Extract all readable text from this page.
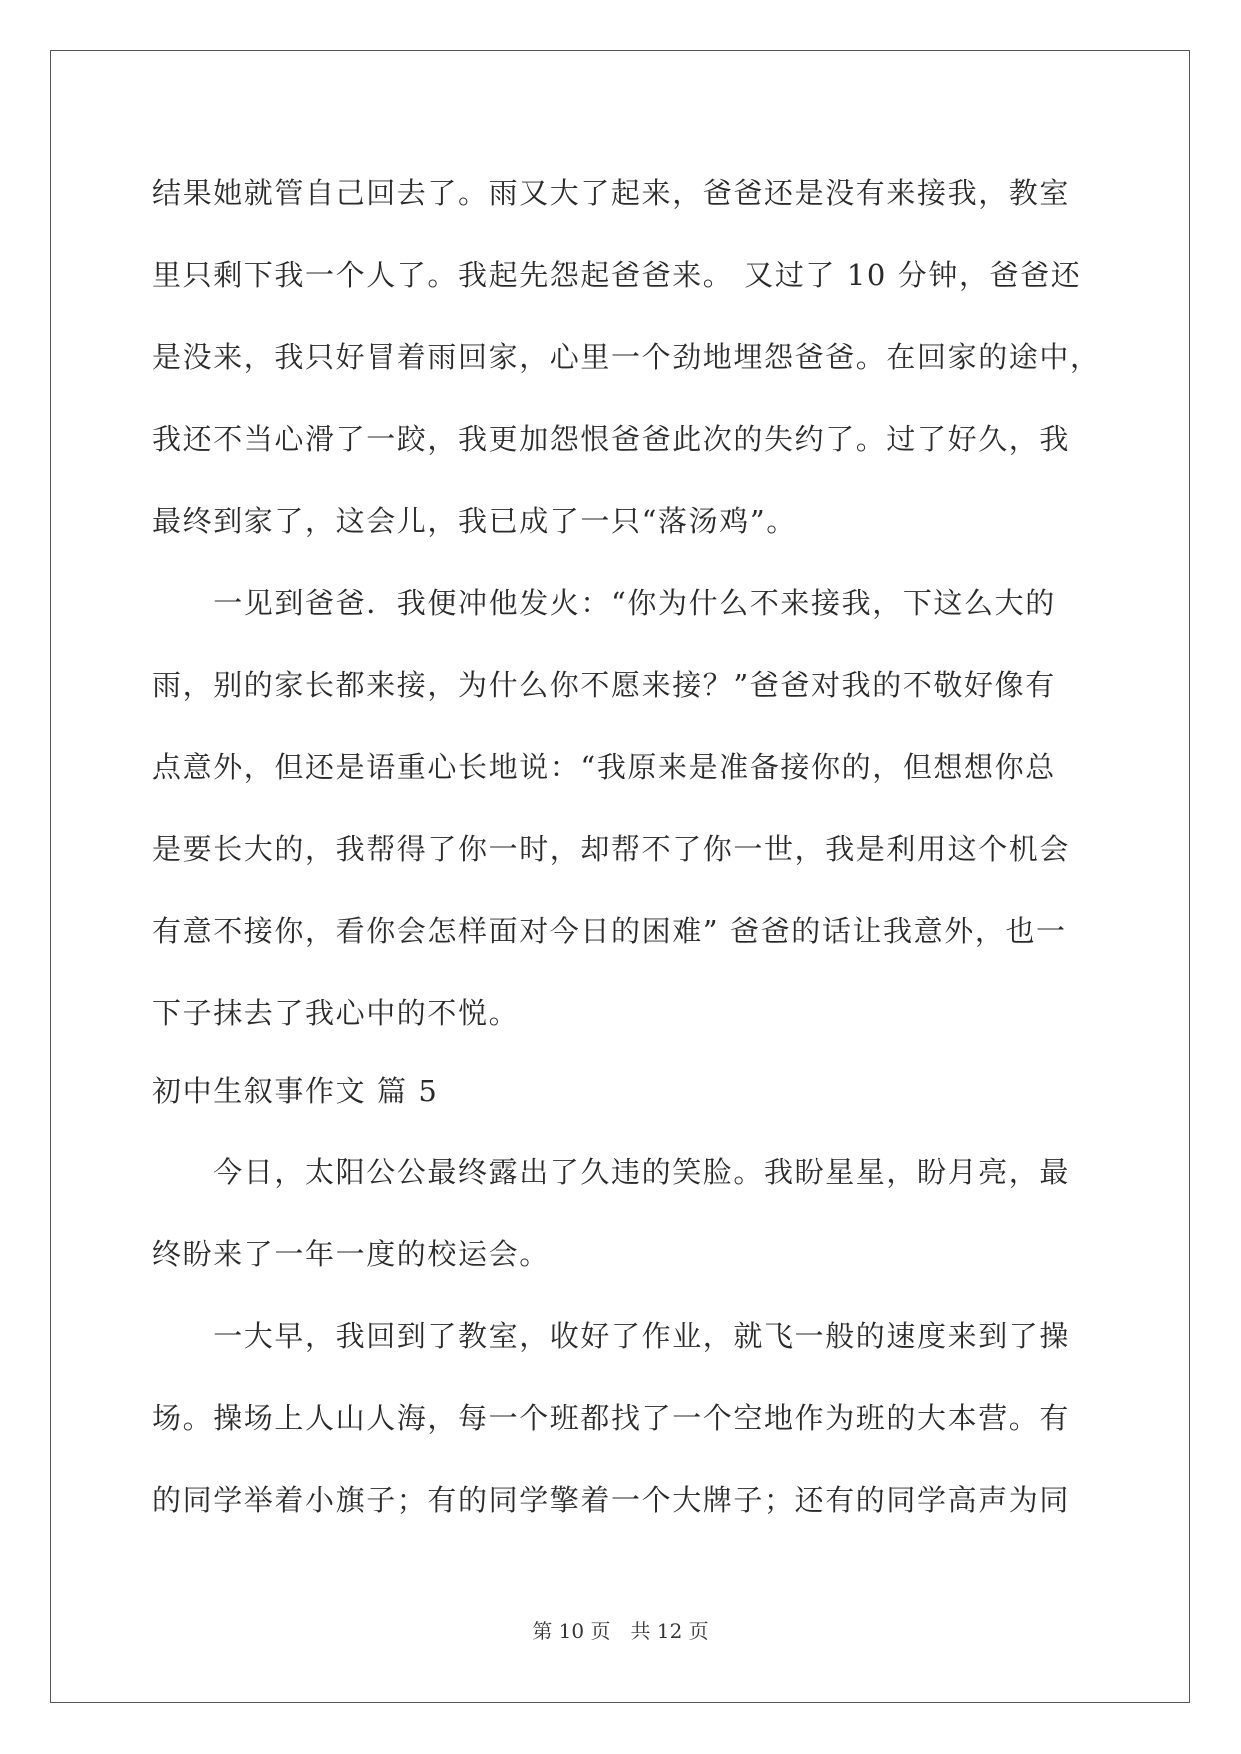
结果她就管自己回去了。雨又大了起来，爸爸还是没有来接我，教室
里只剩下我一个人了。我起先怨起爸爸来。 又过了 10 分钟，爸爸还
是没来，我只好冒着雨回家，心里一个劲地埋怨爸爸。在回家的途中，
我还不当心滑了一跤，我更加怨恨爸爸此次的失约了。过了好久，我
最终到家了，这会儿，我已成了一只“落汤鸡”。
　　一见到爸爸．我便冲他发火：“你为什么不来接我，下这么大的
雨，别的家长都来接，为什么你不愿来接？”爸爸对我的不敬好像有
点意外，但还是语重心长地说：“我原来是准备接你的，但想想你总
是要长大的，我帮得了你一时，却帮不了你一世，我是利用这个机会
有意不接你，看你会怎样面对今日的困难” 爸爸的话让我意外，也一
下子抹去了我心中的不悦。
初中生叙事作文 篇 5
　　今日，太阳公公最终露出了久违的笑脸。我盼星星，盼月亮，最
终盼来了一年一度的校运会。
　　一大早，我回到了教室，收好了作业，就飞一般的速度来到了操
场。操场上人山人海，每一个班都找了一个空地作为班的大本营。有
的同学举着小旗子；有的同学擎着一个大牌子；还有的同学高声为同
第 10 页　共 12 页
